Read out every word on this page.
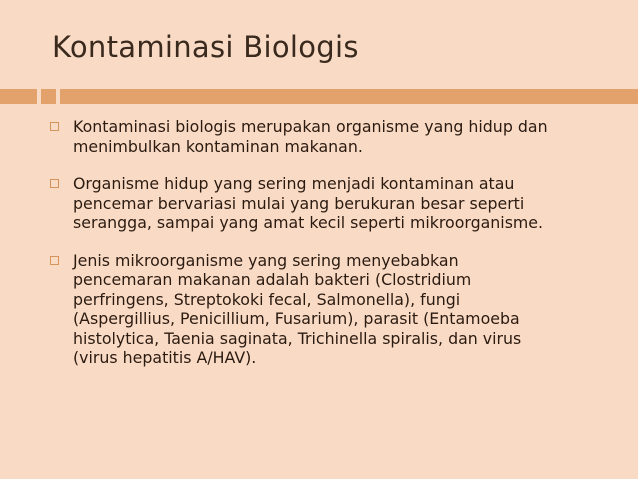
Kontaminasi Biologis
Kontaminasi biologis merupakan organisme yang hidup dan
menimbulkan kontaminan makanan.
Organisme hidup yang sering menjadi kontaminan atau
pencemar bervariasi mulai yang berukuran besar seperti
serangga, sampai yang amat kecil seperti mikroorganisme.
Jenis mikroorganisme yang sering menyebabkan
pencemaran makanan adalah bakteri (Clostridium
perfringens, Streptokoki fecal, Salmonella), fungi
(Aspergillius, Penicillium, Fusarium), parasit (Entamoeba
histolytica, Taenia saginata, Trichinella spiralis, dan virus
(virus hepatitis A/HAV).
